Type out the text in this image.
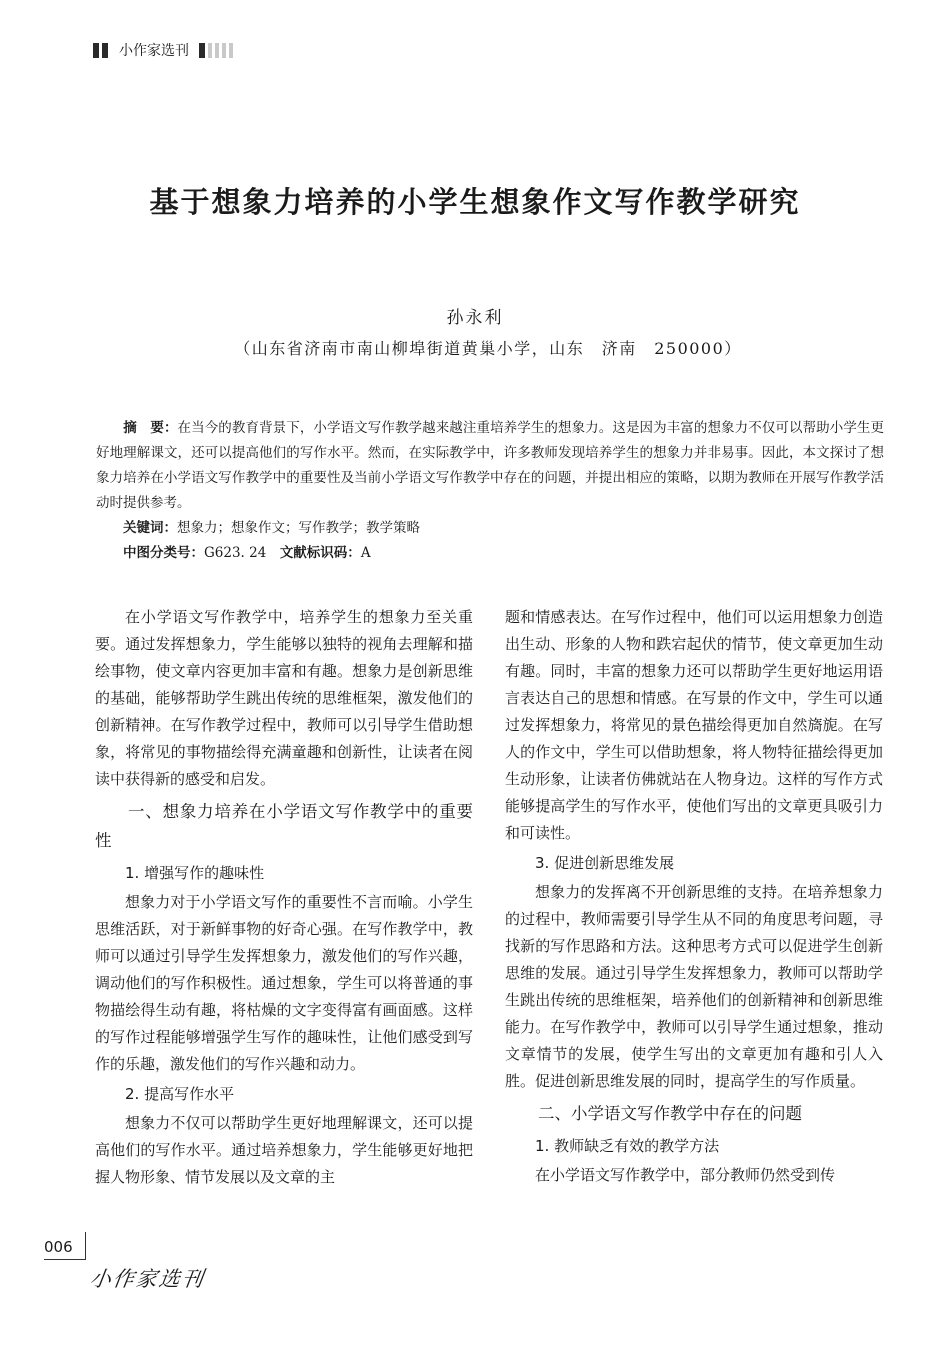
小作家选刊
基于想象力培养的小学生想象作文写作教学研究
孙永利
（山东省济南市南山柳埠街道黄巢小学，山东　济南　250000）

　　摘　要：在当今的教育背景下，小学语文写作教学越来越注重培养学生的想象力。这是因为丰富的想象力不仅可以帮助小学生更好地理解课文，还可以提高他们的写作水平。然而，在实际教学中，许多教师发现培养学生的想象力并非易事。因此，本文探讨了想象力培养在小学语文写作教学中的重要性及当前小学语文写作教学中存在的问题，并提出相应的策略，以期为教师在开展写作教学活动时提供参考。

　　关键词：想象力；想象作文；写作教学；教学策略

　　中图分类号：G623. 24　 文献标识码：A

在小学语文写作教学中，培养学生的想象力至关重要。通过发挥想象力，学生能够以独特的视角去理解和描绘事物，使文章内容更加丰富和有趣。想象力是创新思维的基础，能够帮助学生跳出传统的思维框架，激发他们的创新精神。在写作教学过程中，教师可以引导学生借助想象，将常见的事物描绘得充满童趣和创新性，让读者在阅读中获得新的感受和启发。

一、想象力培养在小学语文写作教学中的重要性
1. 增强写作的趣味性

想象力对于小学语文写作的重要性不言而喻。小学生思维活跃，对于新鲜事物的好奇心强。在写作教学中，教师可以通过引导学生发挥想象力，激发他们的写作兴趣，调动他们的写作积极性。通过想象，学生可以将普通的事物描绘得生动有趣，将枯燥的文字变得富有画面感。这样的写作过程能够增强学生写作的趣味性，让他们感受到写作的乐趣，激发他们的写作兴趣和动力。

2. 提高写作水平

想象力不仅可以帮助学生更好地理解课文，还可以提高他们的写作水平。通过培养想象力，学生能够更好地把握人物形象、情节发展以及文章的主

题和情感表达。在写作过程中，他们可以运用想象力创造出生动、形象的人物和跌宕起伏的情节，使文章更加生动有趣。同时，丰富的想象力还可以帮助学生更好地运用语言表达自己的思想和情感。在写景的作文中，学生可以通过发挥想象力，将常见的景色描绘得更加自然旖旎。在写人的作文中，学生可以借助想象，将人物特征描绘得更加生动形象，让读者仿佛就站在人物身边。这样的写作方式能够提高学生的写作水平，使他们写出的文章更具吸引力和可读性。

3. 促进创新思维发展

想象力的发挥离不开创新思维的支持。在培养想象力的过程中，教师需要引导学生从不同的角度思考问题，寻找新的写作思路和方法。这种思考方式可以促进学生创新思维的发展。通过引导学生发挥想象力，教师可以帮助学生跳出传统的思维框架，培养他们的创新精神和创新思维能力。在写作教学中，教师可以引导学生通过想象，推动文章情节的发展，使学生写出的文章更加有趣和引人入胜。促进创新思维发展的同时，提高学生的写作质量。

二、小学语文写作教学中存在的问题
1. 教师缺乏有效的教学方法

在小学语文写作教学中，部分教师仍然受到传

006
小作家选刊
